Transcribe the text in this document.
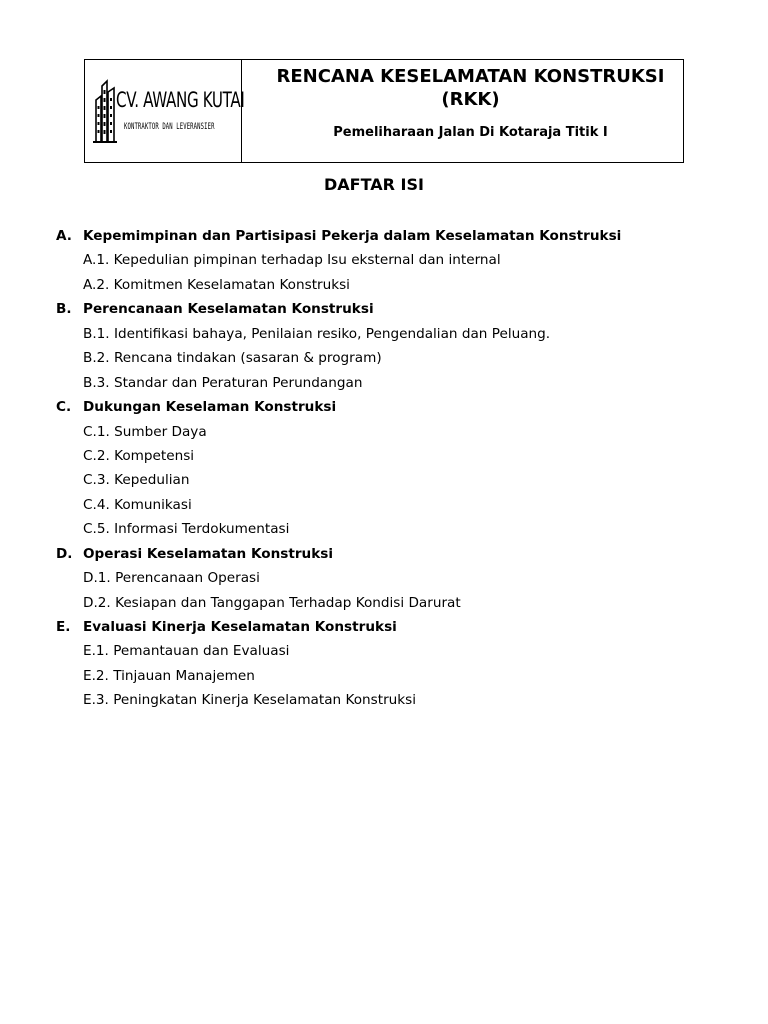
CV. AWANG KUTAI
KONTRAKTOR DAN LEVERANSIER
RENCANA KESELAMATAN KONSTRUKSI
(RKK)
Pemeliharaan Jalan Di Kotaraja Titik I
DAFTAR ISI
A. Kepemimpinan dan Partisipasi Pekerja dalam Keselamatan Konstruksi
A.1. Kepedulian pimpinan terhadap Isu eksternal dan internal
A.2. Komitmen Keselamatan Konstruksi
B. Perencanaan Keselamatan Konstruksi
B.1. Identifikasi bahaya, Penilaian resiko, Pengendalian dan Peluang.
B.2. Rencana tindakan (sasaran & program)
B.3. Standar dan Peraturan Perundangan
C. Dukungan Keselaman Konstruksi
C.1. Sumber Daya
C.2. Kompetensi
C.3. Kepedulian
C.4. Komunikasi
C.5. Informasi Terdokumentasi
D. Operasi Keselamatan Konstruksi
D.1. Perencanaan Operasi
D.2. Kesiapan dan Tanggapan Terhadap Kondisi Darurat
E. Evaluasi Kinerja Keselamatan Konstruksi
E.1. Pemantauan dan Evaluasi
E.2. Tinjauan Manajemen
E.3. Peningkatan Kinerja Keselamatan Konstruksi
